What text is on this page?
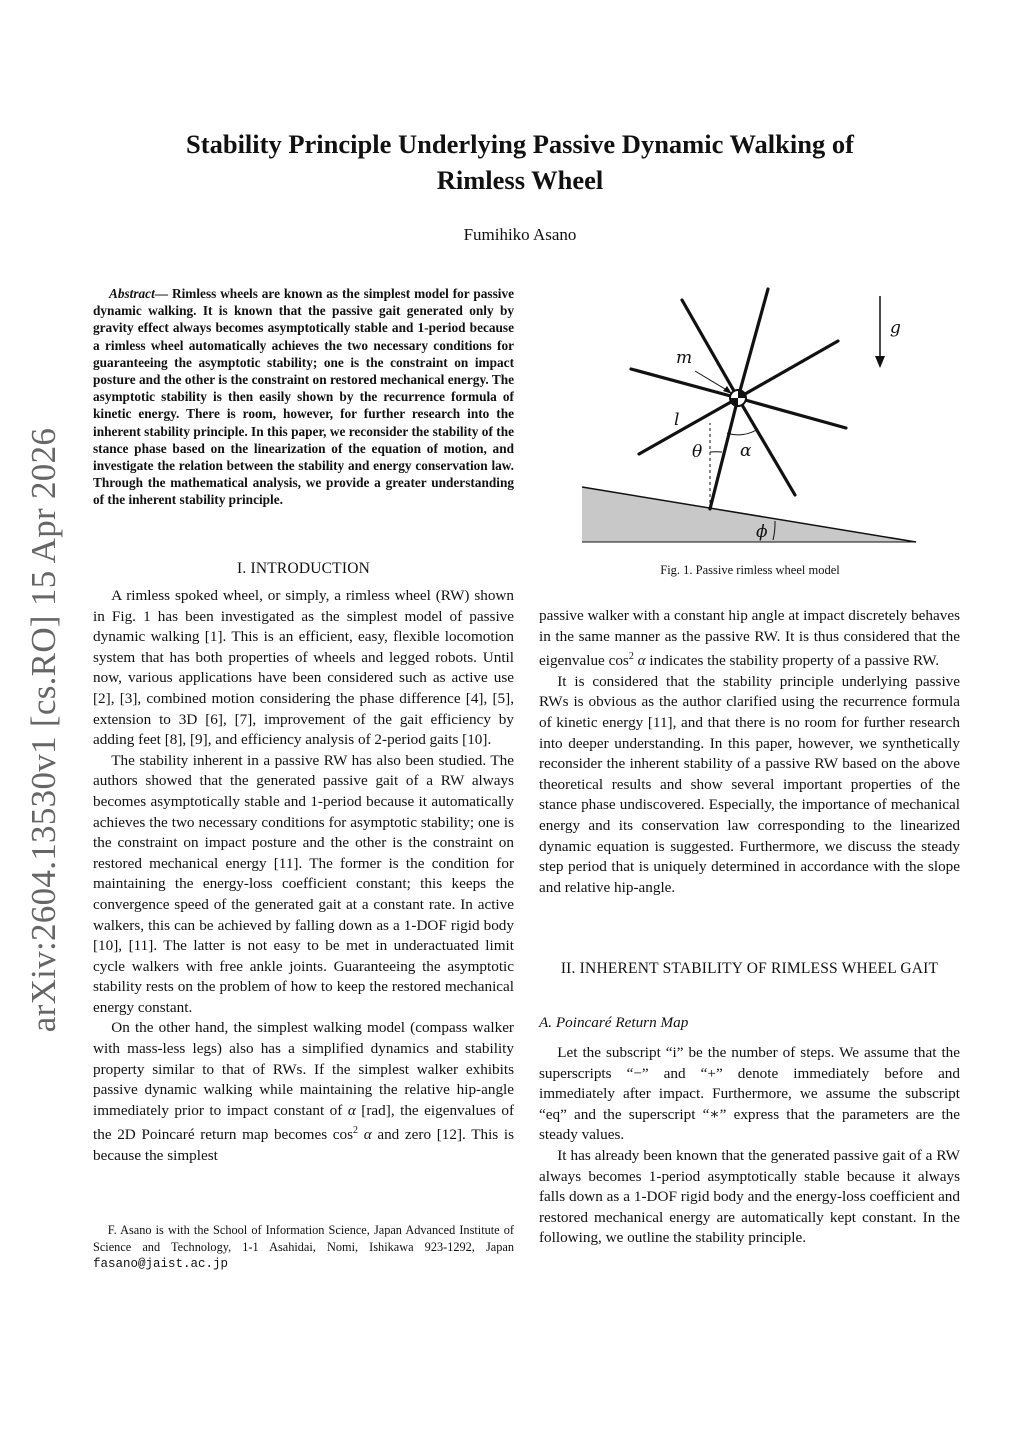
arXiv:2604.13530v1 [cs.RO] 15 Apr 2026
Stability Principle Underlying Passive Dynamic Walking of
Rimless Wheel
Fumihiko Asano

Abstract— Rimless wheels are known as the simplest model for passive dynamic walking. It is known that the passive gait generated only by gravity effect always becomes asymptotically stable and 1-period because a rimless wheel automatically achieves the two necessary conditions for guaranteeing the asymptotic stability; one is the constraint on impact posture and the other is the constraint on restored mechanical energy. The asymptotic stability is then easily shown by the recurrence formula of kinetic energy. There is room, however, for further research into the inherent stability principle. In this paper, we reconsider the stability of the stance phase based on the linearization of the equation of motion, and investigate the relation between the stability and energy conservation law. Through the mathematical analysis, we provide a greater understanding of the inherent stability principle.

I. INTRODUCTION

A rimless spoked wheel, or simply, a rimless wheel (RW) shown in Fig. 1 has been investigated as the simplest model of passive dynamic walking [1]. This is an efficient, easy, flexible locomotion system that has both properties of wheels and legged robots. Until now, various applications have been considered such as active use [2], [3], combined motion considering the phase difference [4], [5], extension to 3D [6], [7], improvement of the gait efficiency by adding feet [8], [9], and efficiency analysis of 2-period gaits [10].

The stability inherent in a passive RW has also been studied. The authors showed that the generated passive gait of a RW always becomes asymptotically stable and 1-period because it automatically achieves the two necessary conditions for asymptotic stability; one is the constraint on impact posture and the other is the constraint on restored mechanical energy [11]. The former is the condition for maintaining the energy-loss coefficient constant; this keeps the convergence speed of the generated gait at a constant rate. In active walkers, this can be achieved by falling down as a 1-DOF rigid body [10], [11]. The latter is not easy to be met in underactuated limit cycle walkers with free ankle joints. Guaranteeing the asymptotic stability rests on the problem of how to keep the restored mechanical energy constant.

On the other hand, the simplest walking model (compass walker with mass-less legs) also has a simplified dynamics and stability property similar to that of RWs. If the simplest walker exhibits passive dynamic walking while maintaining the relative hip-angle immediately prior to impact constant of α [rad], the eigenvalues of the 2D Poincaré return map becomes $\cos^2 \alpha$ and zero [12]. This is because the simplest

F. Asano is with the School of Information Science, Japan Advanced Institute of Science and Technology, 1-1 Asahidai, Nomi, Ishikawa 923-1292, Japan fasano@jaist.ac.jp

m
l
θ α
g
ϕ
Fig. 1. Passive rimless wheel model

passive walker with a constant hip angle at impact discretely behaves in the same manner as the passive RW. It is thus considered that the eigenvalue $\cos^2 \alpha$ indicates the stability property of a passive RW.

It is considered that the stability principle underlying passive RWs is obvious as the author clarified using the recurrence formula of kinetic energy [11], and that there is no room for further research into deeper understanding. In this paper, however, we synthetically reconsider the inherent stability of a passive RW based on the above theoretical results and show several important properties of the stance phase undiscovered. Especially, the importance of mechanical energy and its conservation law corresponding to the linearized dynamic equation is suggested. Furthermore, we discuss the steady step period that is uniquely determined in accordance with the slope and relative hip-angle.

II. INHERENT STABILITY OF RIMLESS WHEEL GAIT
A. Poincaré Return Map

Let the subscript “i” be the number of steps. We assume that the superscripts “−” and “+” denote immediately before and immediately after impact. Furthermore, we assume the subscript “eq” and the superscript “∗” express that the parameters are the steady values.

It has already been known that the generated passive gait of a RW always becomes 1-period asymptotically stable because it always falls down as a 1-DOF rigid body and the energy-loss coefficient and restored mechanical energy are automatically kept constant. In the following, we outline the stability principle.
